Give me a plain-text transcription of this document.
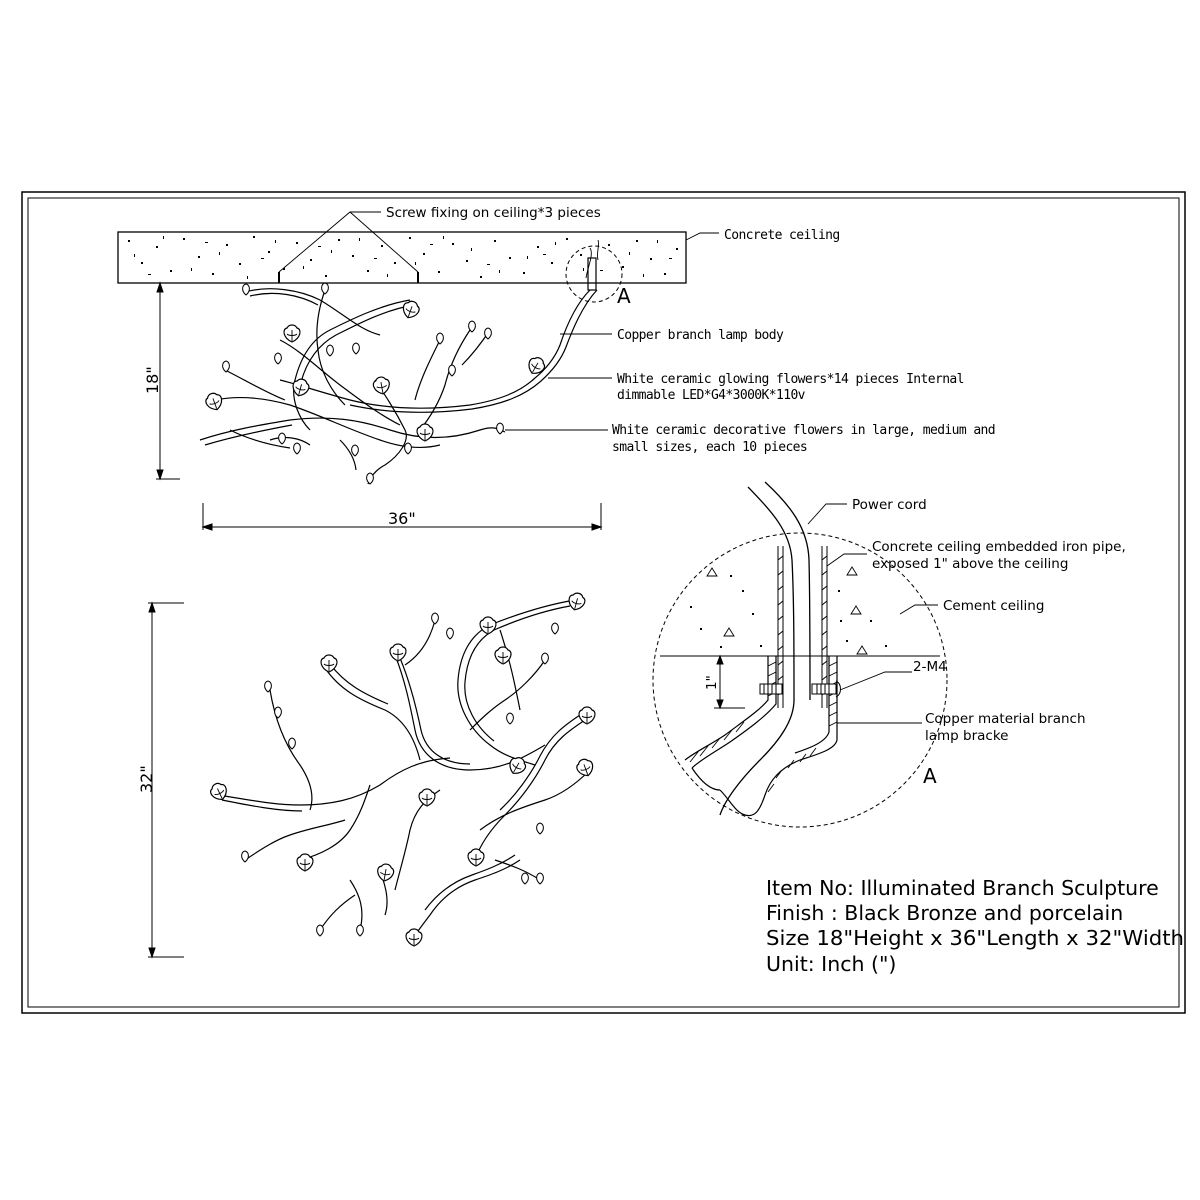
A
Screw fixing on ceiling*3 pieces
Concrete ceiling
Copper branch lamp body
White ceramic glowing flowers*14 pieces Internal
dimmable LED*G4*3000K*110v
White ceramic decorative flowers in large, medium and
small sizes, each 10 pieces
18"
36"
32"
1"
Power cord
Concrete ceiling embedded iron pipe,
exposed 1" above the ceiling
Cement ceiling
2-M4
Copper material branch
lamp bracke
A
Item No: Illuminated Branch Sculpture
Finish : Black Bronze and porcelain
Size 18"Height x 36"Length x 32"Width
Unit: Inch (")
